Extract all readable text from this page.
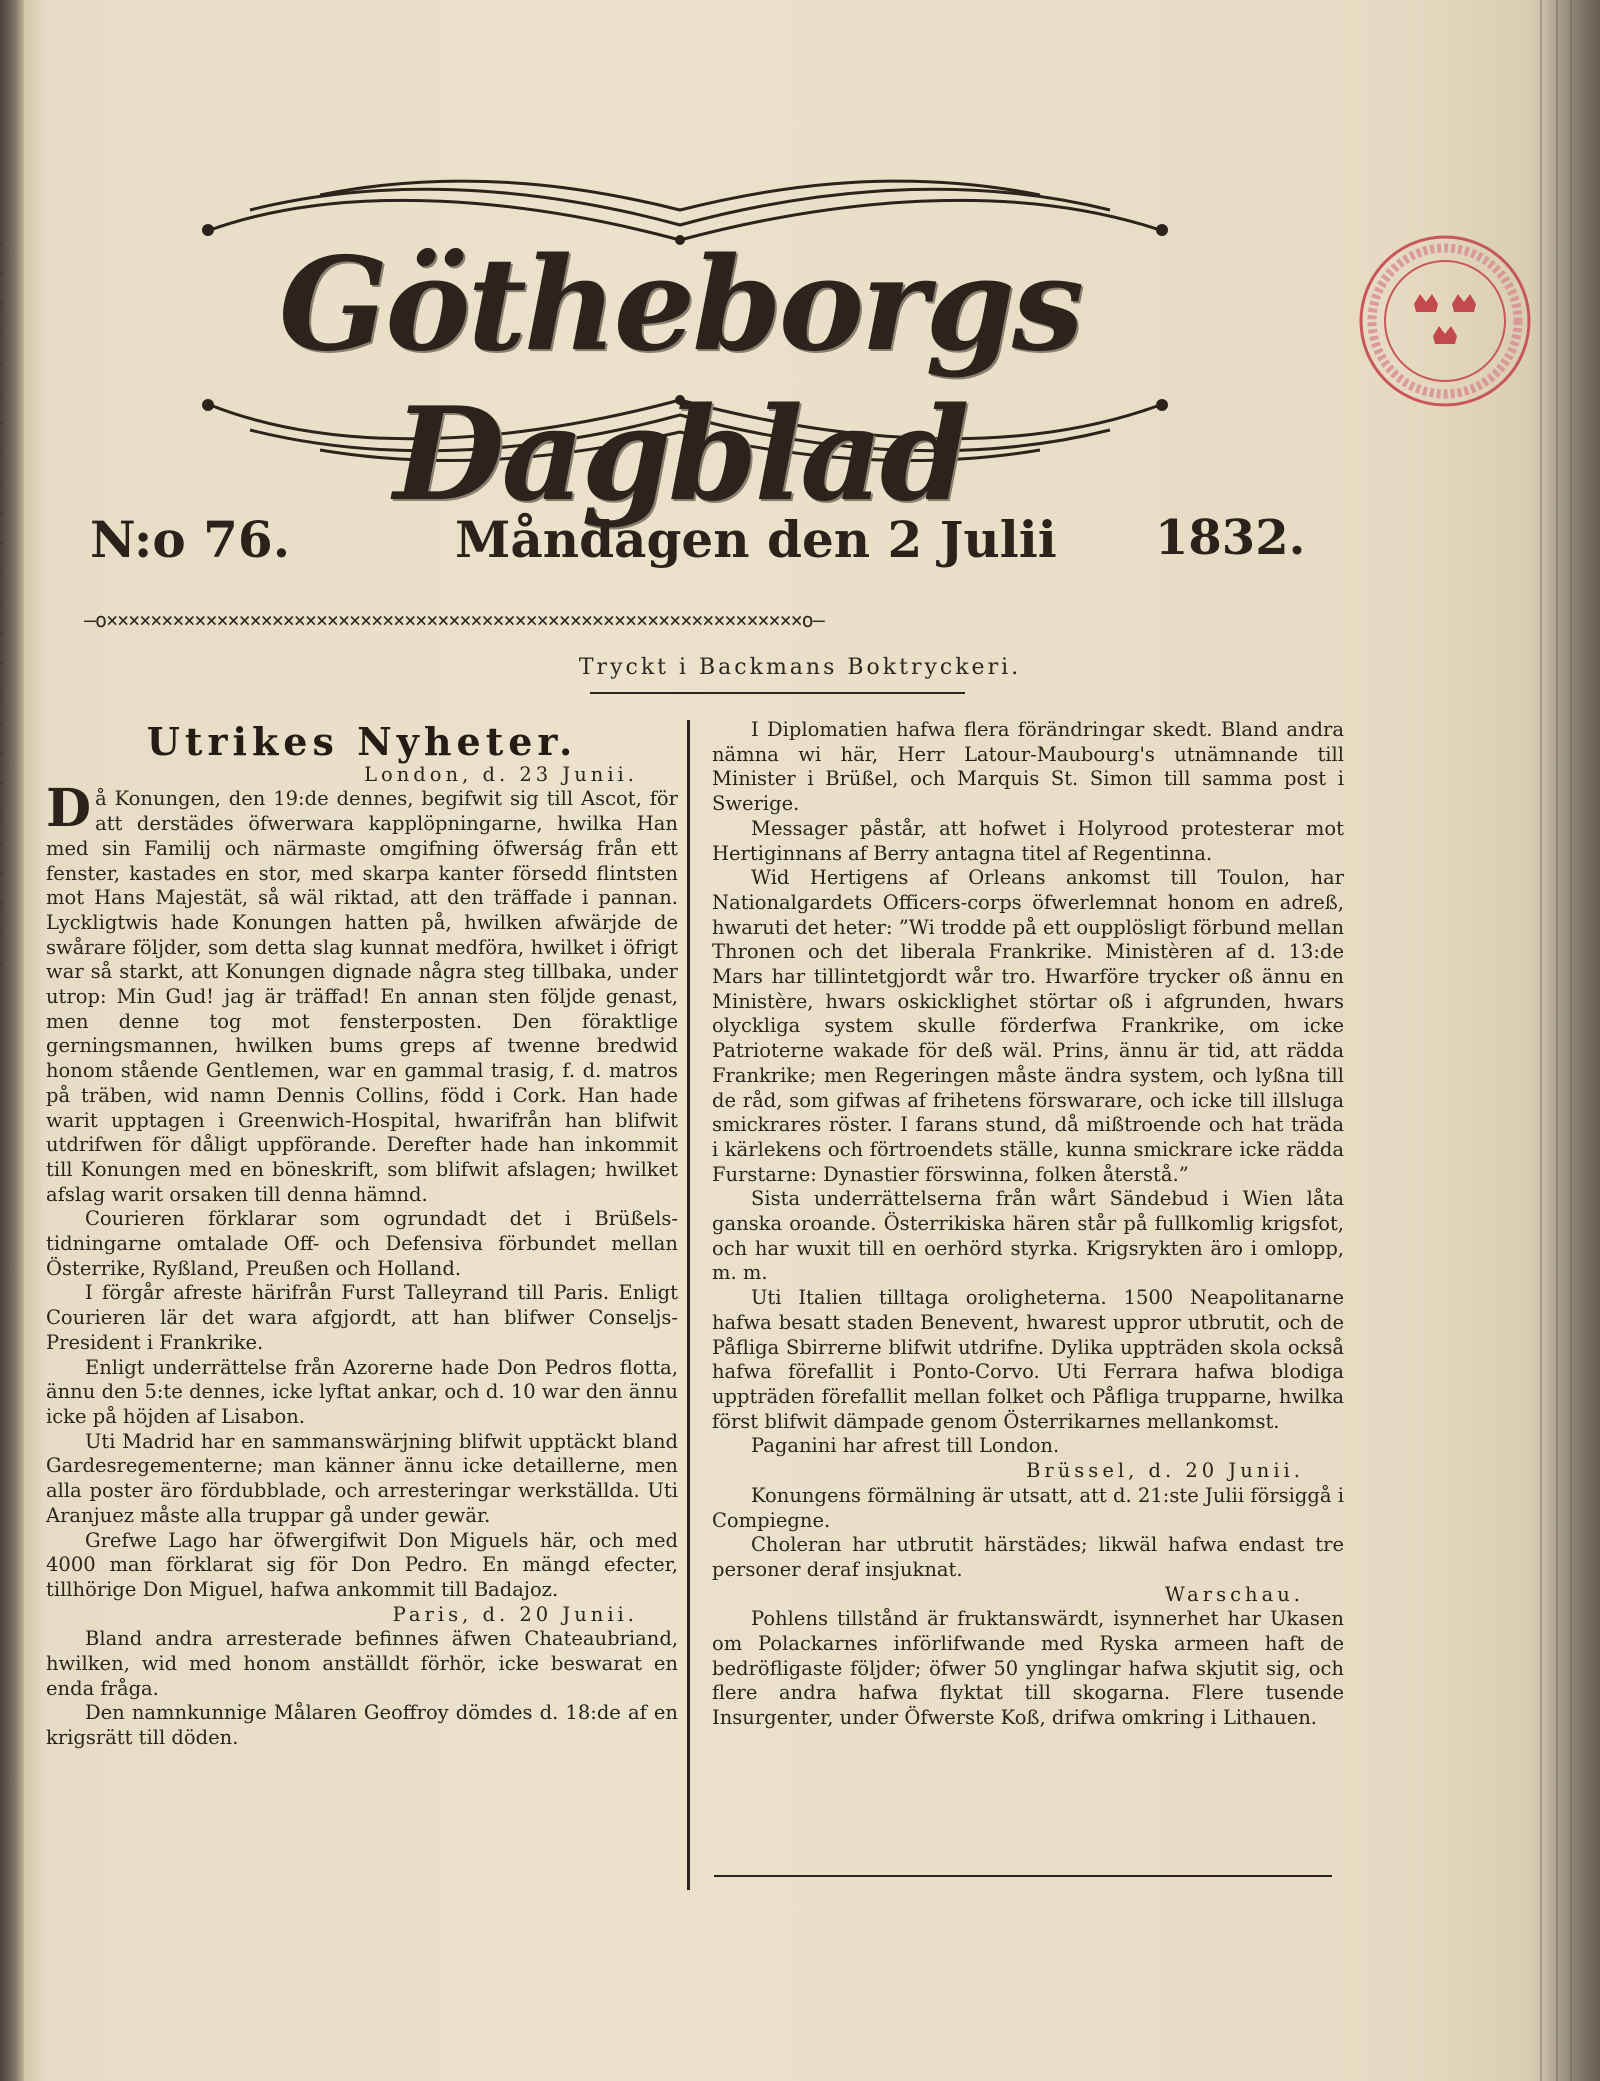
·
·
:
·
·
:
·
·
:
·
·
·
:
·
·
:
·
·
·
:
·
·
:
·
·
Götheborgs Dagblad
N:o 76.	Måndagen den 2 Julii 1832.
—o×××××××××××××××××××××××××××××××××××××××××××××××××××××××××××××××o—
Tryckt i Backmans Boktryckeri.

Utrikes Nyheter.

London, d. 23 Junii.

Då Konungen, den 19:de dennes, begifwit sig till Ascot, för att derstädes öfwerwara kapplöpningarne, hwilka Han med sin Familij och närmaste omgifning öfwerság från ett fenster, kastades en stor, med skarpa kanter försedd flintsten mot Hans Majestät, så wäl riktad, att den träffade i pannan. Lyckligtwis hade Konungen hatten på, hwilken afwärjde de swårare följder, som detta slag kunnat medföra, hwilket i öfrigt war så starkt, att Konungen dignade några steg tillbaka, under utrop: Min Gud! jag är träffad! En annan sten följde genast, men denne tog mot fensterposten. Den föraktlige gerningsmannen, hwilken bums greps af twenne bredwid honom stående Gentlemen, war en gammal trasig, f. d. matros på träben, wid namn Dennis Collins, född i Cork. Han hade warit upptagen i Greenwich-Hospital, hwarifrån han blifwit utdrifwen för dåligt uppförande. Derefter hade han inkommit till Konungen med en böneskrift, som blifwit afslagen; hwilket afslag warit orsaken till denna hämnd.

Courieren förklarar som ogrundadt det i Brüßels-tidningarne omtalade Off- och Defensiva förbundet mellan Österrike, Ryßland, Preußen och Holland.

I förgår afreste härifrån Furst Talleyrand till Paris. Enligt Courieren lär det wara afgjordt, att han blifwer Conseljs-President i Frankrike.

Enligt underrättelse från Azorerne hade Don Pedros flotta, ännu den 5:te dennes, icke lyftat ankar, och d. 10 war den ännu icke på höjden af Lisabon.

Uti Madrid har en sammanswärjning blifwit upptäckt bland Gardesregementerne; man känner ännu icke detaillerne, men alla poster äro fördubblade, och arresteringar werkställda. Uti Aranjuez måste alla truppar gå under gewär.

Grefwe Lago har öfwergifwit Don Miguels här, och med 4000 man förklarat sig för Don Pedro. En mängd efecter, tillhörige Don Miguel, hafwa ankommit till Badajoz.

Paris, d. 20 Junii.

Bland andra arresterade befinnes äfwen Chateaubriand, hwilken, wid med honom anställdt förhör, icke beswarat en enda fråga.

Den namnkunnige Målaren Geoffroy dömdes d. 18:de af en krigsrätt till döden.

I Diplomatien hafwa flera förändringar skedt. Bland andra nämna wi här, Herr Latour-Maubourg's utnämnande till Minister i Brüßel, och Marquis St. Simon till samma post i Swerige.

Messager påstår, att hofwet i Holyrood protesterar mot Hertiginnans af Berry antagna titel af Regentinna.

Wid Hertigens af Orleans ankomst till Toulon, har Nationalgardets Officers-corps öfwerlemnat honom en adreß, hwaruti det heter: ”Wi trodde på ett oupplösligt förbund mellan Thronen och det liberala Frankrike. Ministèren af d. 13:de Mars har tillintetgjordt wår tro. Hwarföre trycker oß ännu en Ministère, hwars oskicklighet störtar oß i afgrunden, hwars olyckliga system skulle förderfwa Frankrike, om icke Patrioterne wakade för deß wäl. Prins, ännu är tid, att rädda Frankrike; men Regeringen måste ändra system, och lyßna till de råd, som gifwas af frihetens förswarare, och icke till illsluga smickrares röster. I farans stund, då mißtroende och hat träda i kärlekens och förtroendets ställe, kunna smickrare icke rädda Furstarne: Dynastier förswinna, folken återstå.”

Sista underrättelserna från wårt Sändebud i Wien låta ganska oroande. Österrikiska hären står på fullkomlig krigsfot, och har wuxit till en oerhörd styrka. Krigsrykten äro i omlopp, m. m.

Uti Italien tilltaga oroligheterna. 1500 Neapolitanarne hafwa besatt staden Benevent, hwarest uppror utbrutit, och de Påfliga Sbirrerne blifwit utdrifne. Dylika uppträden skola också hafwa förefallit i Ponto-Corvo. Uti Ferrara hafwa blodiga uppträden förefallit mellan folket och Påfliga trupparne, hwilka först blifwit dämpade genom Österrikarnes mellankomst.

Paganini har afrest till London.

Brüssel, d. 20 Junii.

Konungens förmälning är utsatt, att d. 21:ste Julii försiggå i Compiegne.

Choleran har utbrutit härstädes; likwäl hafwa endast tre personer deraf insjuknat.

Warschau.

Pohlens tillstånd är fruktanswärdt, isynnerhet har Ukasen om Polackarnes införlifwande med Ryska armeen haft de bedröfligaste följder; öfwer 50 ynglingar hafwa skjutit sig, och flere andra hafwa flyktat till skogarna. Flere tusende Insurgenter, under Öfwerste Koß, drifwa omkring i Lithauen.
